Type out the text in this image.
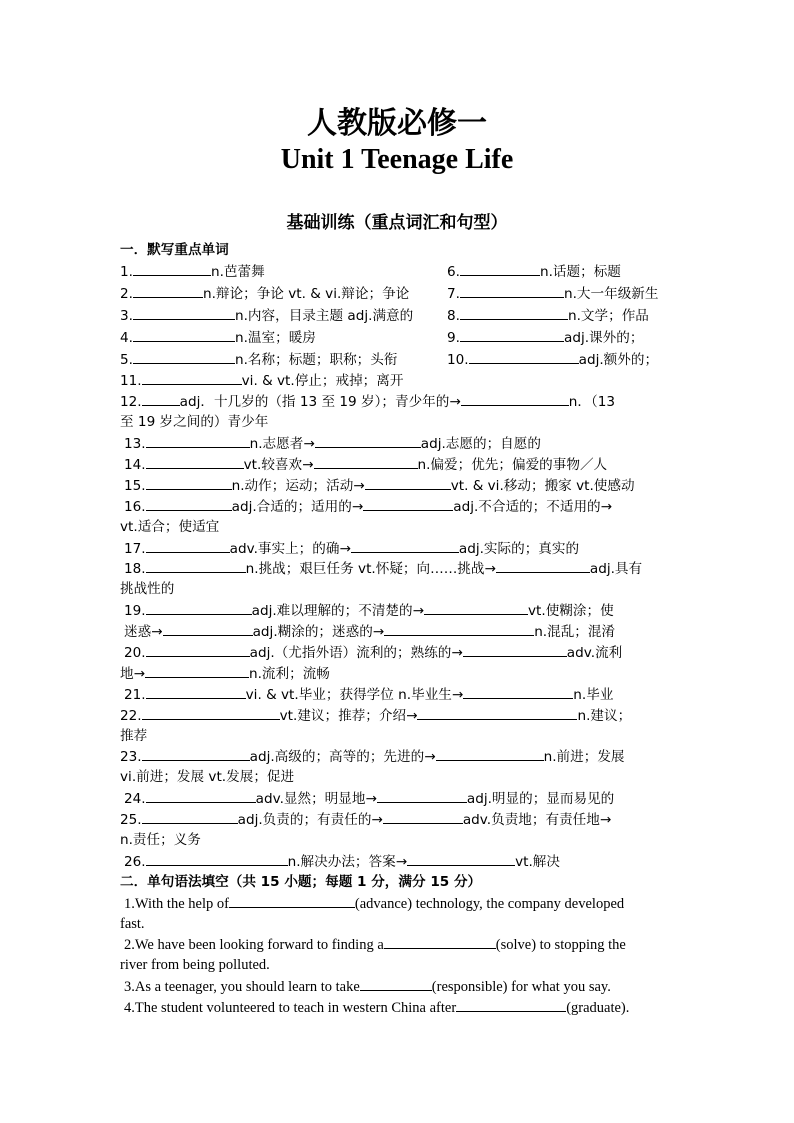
人教版必修一
Unit 1 Teenage Life
基础训练（重点词汇和句型）
一．默写重点单词
1.	n.芭蕾舞	6.	n.话题；标题
2.	n.辩论；争论 vt. & vi.辩论；争论	7.	n.大一年级新生
3.	n.内容，目录主题 adj.满意的	8.	n.文学；作品
4.	n.温室；暖房	9.	adj.课外的；
5.	n.名称；标题；职称；头衔	10.	adj.额外的；
11.	vi. & vt.停止；戒掉；离开
12.	adj．十几岁的（指 13 至 19 岁）；青少年的→	n．（13
至 19 岁之间的）青少年
13.	n.志愿者→	adj.志愿的；自愿的
14.	vt.较喜欢→	n.偏爱；优先；偏爱的事物／人
15.	n.动作；运动；活动→	vt. & vi.移动；搬家 vt.使感动
16.	adj.合适的；适用的→	adj.不合适的；不适用的→
vt.适合；使适宜
17.	adv.事实上；的确→	adj.实际的；真实的
18.	n.挑战；艰巨任务 vt.怀疑；向……挑战→	adj.具有
挑战性的
19.	adj.难以理解的；不清楚的→	vt.使糊涂；使
迷惑→	adj.糊涂的；迷惑的→	n.混乱；混淆
20.	adj.（尤指外语）流利的；熟练的→	adv.流利
地→	n.流利；流畅
21.	vi. & vt.毕业；获得学位 n.毕业生→	n.毕业
22.	vt.建议；推荐；介绍→	n.建议；
推荐
23.	adj.高级的；高等的；先进的→	n.前进；发展
vi.前进；发展 vt.发展；促进
24.	adv.显然；明显地→	adj.明显的；显而易见的
25.	adj.负责的；有责任的→	adv.负责地；有责任地→
n.责任；义务
26.	n.解决办法；答案→	vt.解决
二．单句语法填空（共 15 小题；每题 1 分，满分 15 分）
1.With the help of	(advance) technology, the company developed
fast.
2.We have been looking forward to finding a	(solve) to stopping the
river from being polluted.
3.As a teenager, you should learn to take	(responsible) for what you say.
4.The student volunteered to teach in western China after	(graduate).
